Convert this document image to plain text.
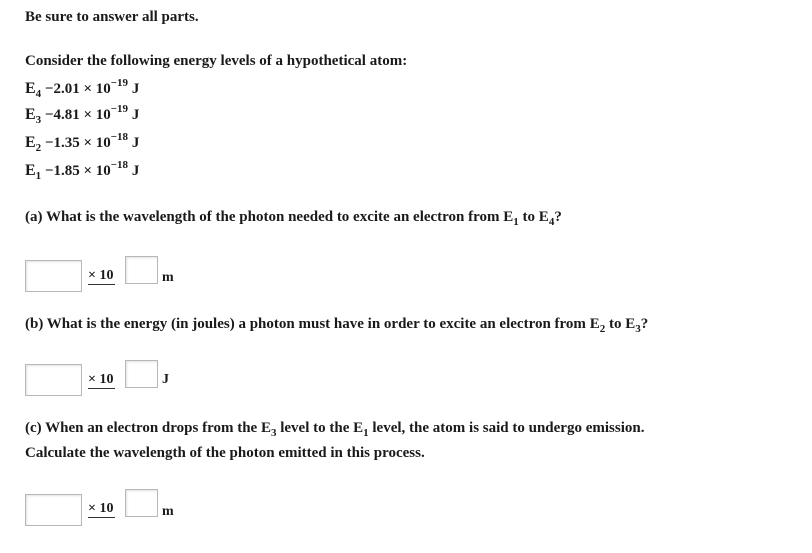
Be sure to answer all parts.
Consider the following energy levels of a hypothetical atom:
$E_4 -2.01 \times 10^{-19}$ J
$E_3 -4.81 \times 10^{-19}$ J
$E_2 -1.35 \times 10^{-18}$ J
$E_1 -1.85 \times 10^{-18}$ J
(a) What is the wavelength of the photon needed to excite an electron from $E_1$ to $E_4$?
× 10	m
(b) What is the energy (in joules) a photon must have in order to excite an electron from $E_2$ to $E_3$?
× 10	J
(c) When an electron drops from the $E_3$ level to the $E_1$ level, the atom is said to undergo emission.
Calculate the wavelength of the photon emitted in this process.
× 10	m
